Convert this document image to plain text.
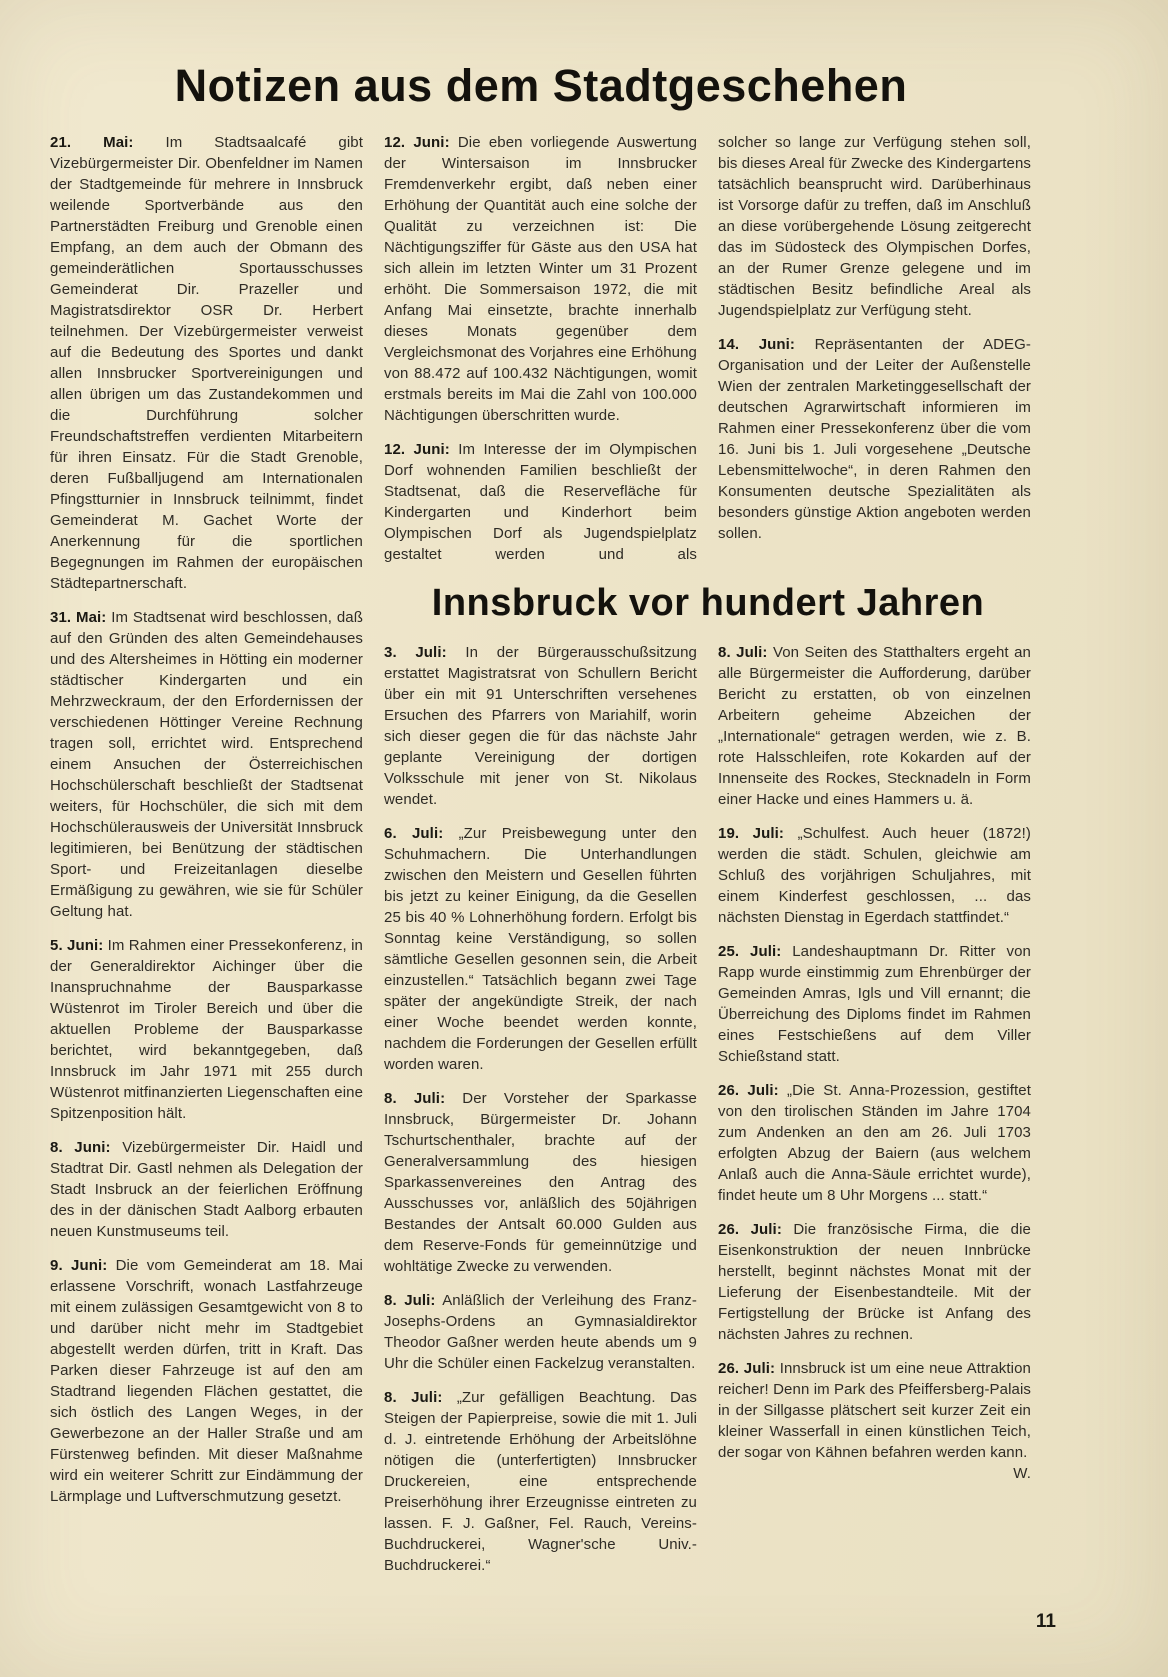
Notizen aus dem Stadtgeschehen

21. Mai: Im Stadtsaalcafé gibt Vizebürgermeister Dir. Obenfeldner im Namen der Stadtgemeinde für mehrere in Innsbruck weilende Sportverbände aus den Partnerstädten Freiburg und Grenoble einen Empfang, an dem auch der Obmann des gemeinderätlichen Sportausschusses Gemeinderat Dir. Prazeller und Magistratsdirektor OSR Dr. Herbert teilnehmen. Der Vizebürgermeister verweist auf die Bedeutung des Sportes und dankt allen Innsbrucker Sportvereinigungen und allen übrigen um das Zustandekommen und die Durchführung solcher Freundschaftstreffen verdienten Mitarbeitern für ihren Einsatz. Für die Stadt Grenoble, deren Fußballjugend am Internationalen Pfingstturnier in Innsbruck teilnimmt, findet Gemeinderat M. Gachet Worte der Anerkennung für die sportlichen Begegnungen im Rahmen der europäischen Städtepartnerschaft.

31. Mai: Im Stadtsenat wird beschlossen, daß auf den Gründen des alten Gemeindehauses und des Altersheimes in Hötting ein moderner städtischer Kindergarten und ein Mehrzweckraum, der den Erfordernissen der verschiedenen Höttinger Vereine Rechnung tragen soll, errichtet wird. Entsprechend einem Ansuchen der Österreichischen Hochschülerschaft beschließt der Stadtsenat weiters, für Hochschüler, die sich mit dem Hochschülerausweis der Universität Innsbruck legitimieren, bei Benützung der städtischen Sport- und Freizeitanlagen dieselbe Ermäßigung zu gewähren, wie sie für Schüler Geltung hat.

5. Juni: Im Rahmen einer Pressekonferenz, in der Generaldirektor Aichinger über die Inanspruchnahme der Bausparkasse Wüstenrot im Tiroler Bereich und über die aktuellen Probleme der Bausparkasse berichtet, wird bekanntgegeben, daß Innsbruck im Jahr 1971 mit 255 durch Wüstenrot mitfinanzierten Liegenschaften eine Spitzenposition hält.

8. Juni: Vizebürgermeister Dir. Haidl und Stadtrat Dir. Gastl nehmen als Delegation der Stadt Insbruck an der feierlichen Eröffnung des in der dänischen Stadt Aalborg erbauten neuen Kunstmuseums teil.

9. Juni: Die vom Gemeinderat am 18. Mai erlassene Vorschrift, wonach Lastfahrzeuge mit einem zulässigen Gesamtgewicht von 8 to und darüber nicht mehr im Stadtgebiet abgestellt werden dürfen, tritt in Kraft. Das Parken dieser Fahrzeuge ist auf den am Stadtrand liegenden Flächen gestattet, die sich östlich des Langen Weges, in der Gewerbezone an der Haller Straße und am Fürstenweg befinden. Mit dieser Maßnahme wird ein weiterer Schritt zur Eindämmung der Lärmplage und Luftverschmutzung gesetzt.

12. Juni: Die eben vorliegende Auswertung der Wintersaison im Innsbrucker Fremdenverkehr ergibt, daß neben einer Erhöhung der Quantität auch eine solche der Qualität zu verzeichnen ist: Die Nächtigungsziffer für Gäste aus den USA hat sich allein im letzten Winter um 31 Prozent erhöht. Die Sommersaison 1972, die mit Anfang Mai einsetzte, brachte innerhalb dieses Monats gegenüber dem Vergleichsmonat des Vorjahres eine Erhöhung von 88.472 auf 100.432 Nächtigungen, womit erstmals bereits im Mai die Zahl von 100.000 Nächtigungen überschritten wurde.

12. Juni: Im Interesse der im Olympischen Dorf wohnenden Familien beschließt der Stadtsenat, daß die Reservefläche für Kindergarten und Kinderhort beim Olympischen Dorf als Jugendspielplatz gestaltet werden und als

solcher so lange zur Verfügung stehen soll, bis dieses Areal für Zwecke des Kindergartens tatsächlich beansprucht wird. Darüberhinaus ist Vorsorge dafür zu treffen, daß im Anschluß an diese vorübergehende Lösung zeitgerecht das im Südosteck des Olympischen Dorfes, an der Rumer Grenze gelegene und im städtischen Besitz befindliche Areal als Jugendspielplatz zur Verfügung steht.

14. Juni: Repräsentanten der ADEG-Organisation und der Leiter der Außenstelle Wien der zentralen Marketinggesellschaft der deutschen Agrarwirtschaft informieren im Rahmen einer Pressekonferenz über die vom 16. Juni bis 1. Juli vorgesehene „Deutsche Lebensmittelwoche“, in deren Rahmen den Konsumenten deutsche Spezialitäten als besonders günstige Aktion angeboten werden sollen.

Innsbruck vor hundert Jahren

3. Juli: In der Bürgerausschußsitzung erstattet Magistratsrat von Schullern Bericht über ein mit 91 Unterschriften versehenes Ersuchen des Pfarrers von Mariahilf, worin sich dieser gegen die für das nächste Jahr geplante Vereinigung der dortigen Volksschule mit jener von St. Nikolaus wendet.

6. Juli: „Zur Preisbewegung unter den Schuhmachern. Die Unterhandlungen zwischen den Meistern und Gesellen führten bis jetzt zu keiner Einigung, da die Gesellen 25 bis 40 % Lohnerhöhung fordern. Erfolgt bis Sonntag keine Verständigung, so sollen sämtliche Gesellen gesonnen sein, die Arbeit einzustellen.“ Tatsächlich begann zwei Tage später der angekündigte Streik, der nach einer Woche beendet werden konnte, nachdem die Forderungen der Gesellen erfüllt worden waren.

8. Juli: Der Vorsteher der Sparkasse Innsbruck, Bürgermeister Dr. Johann Tschurtschenthaler, brachte auf der Generalversammlung des hiesigen Sparkassenvereines den Antrag des Ausschusses vor, anläßlich des 50jährigen Bestandes der Antsalt 60.000 Gulden aus dem Reserve-Fonds für gemeinnützige und wohltätige Zwecke zu verwenden.

8. Juli: Anläßlich der Verleihung des Franz-Josephs-Ordens an Gymnasialdirektor Theodor Gaßner werden heute abends um 9 Uhr die Schüler einen Fackelzug veranstalten.

8. Juli: „Zur gefälligen Beachtung. Das Steigen der Papierpreise, sowie die mit 1. Juli d. J. eintretende Erhöhung der Arbeitslöhne nötigen die (unterfertigten) Innsbrucker Druckereien, eine entsprechende Preiserhöhung ihrer Erzeugnisse eintreten zu lassen. F. J. Gaßner, Fel. Rauch, Vereins-Buchdruckerei, Wagner'sche Univ.-Buchdruckerei.“

8. Juli: Von Seiten des Statthalters ergeht an alle Bürgermeister die Aufforderung, darüber Bericht zu erstatten, ob von einzelnen Arbeitern geheime Abzeichen der „Internationale“ getragen werden, wie z. B. rote Halsschleifen, rote Kokarden auf der Innenseite des Rockes, Stecknadeln in Form einer Hacke und eines Hammers u. ä.

19. Juli: „Schulfest. Auch heuer (1872!) werden die städt. Schulen, gleichwie am Schluß des vorjährigen Schuljahres, mit einem Kinderfest geschlossen, ... das nächsten Dienstag in Egerdach stattfindet.“

25. Juli: Landeshauptmann Dr. Ritter von Rapp wurde einstimmig zum Ehrenbürger der Gemeinden Amras, Igls und Vill ernannt; die Überreichung des Diploms findet im Rahmen eines Festschießens auf dem Viller Schießstand statt.

26. Juli: „Die St. Anna-Prozession, gestiftet von den tirolischen Ständen im Jahre 1704 zum Andenken an den am 26. Juli 1703 erfolgten Abzug der Baiern (aus welchem Anlaß auch die Anna-Säule errichtet wurde), findet heute um 8 Uhr Morgens ... statt.“

26. Juli: Die französische Firma, die die Eisenkonstruktion der neuen Innbrücke herstellt, beginnt nächstes Monat mit der Lieferung der Eisenbestandteile. Mit der Fertigstellung der Brücke ist Anfang des nächsten Jahres zu rechnen.

26. Juli: Innsbruck ist um eine neue Attraktion reicher! Denn im Park des Pfeiffersberg-Palais in der Sillgasse plätschert seit kurzer Zeit ein kleiner Wasserfall in einen künstlichen Teich, der sogar von Kähnen befahren werden kann.
W.

11
